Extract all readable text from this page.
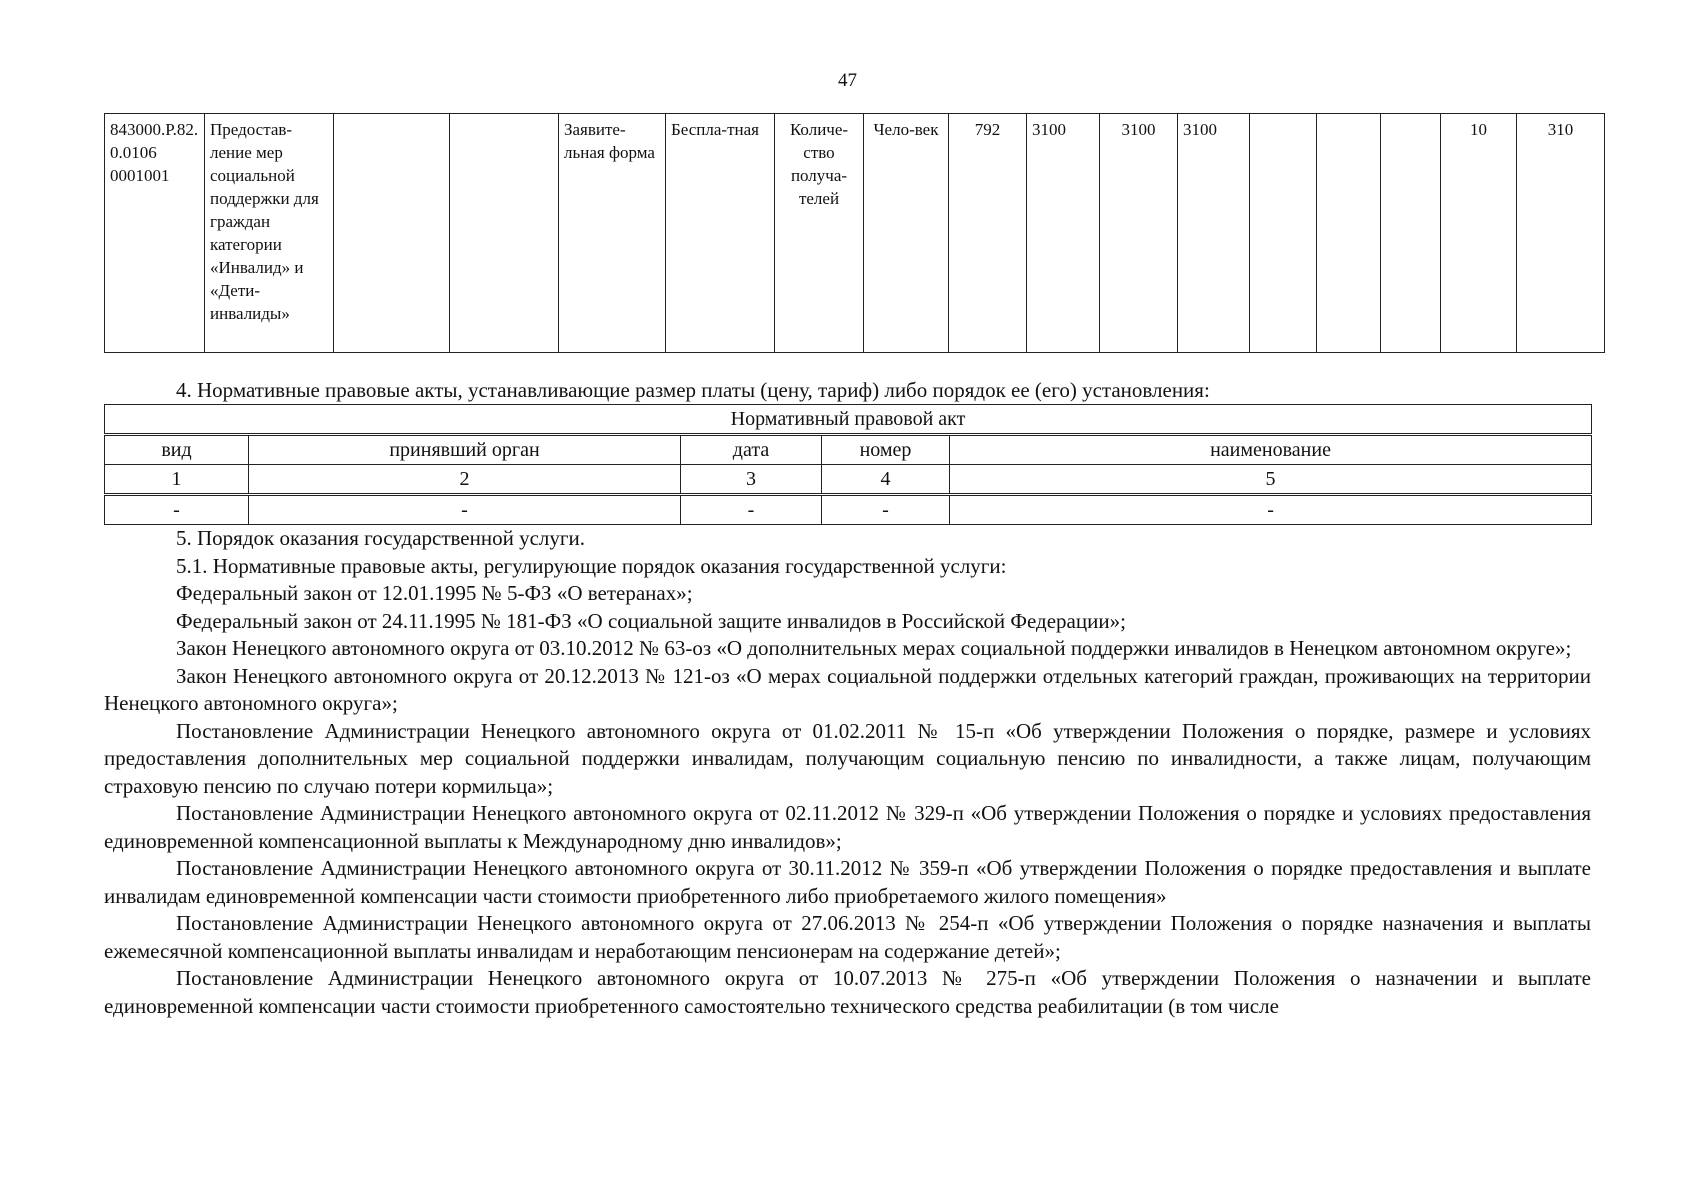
47
843000.Р.82.0.0106 0001001	Предостав-ление мер социальной поддержки для граждан категории «Инвалид» и «Дети-инвалиды»			Заявите-льная форма	Беспла-тная	Количе-ство получа-телей	Чело-век	792	3100	3100	3100				10	310
4. Нормативные правовые акты, устанавливающие размер платы (цену, тариф) либо порядок ее (его) установления:
Нормативный правовой акт				
вид	принявший орган	дата	номер	наименование
1	2	3	4	5
-	-	-	-	-

5. Порядок оказания государственной услуги.

5.1. Нормативные правовые акты, регулирующие порядок оказания государственной услуги:

Федеральный закон от 12.01.1995 № 5-ФЗ «О ветеранах»;

Федеральный закон от 24.11.1995 № 181-ФЗ «О социальной защите инвалидов в Российской Федерации»;

Закон Ненецкого автономного округа от 03.10.2012 № 63-оз «О дополнительных мерах социальной поддержки инвалидов в Ненецком автономном округе»;

Закон Ненецкого автономного округа от 20.12.2013 № 121-оз «О мерах социальной поддержки отдельных категорий граждан, проживающих на территории Ненецкого автономного округа»;

Постановление Администрации Ненецкого автономного округа от 01.02.2011 № 15-п «Об утверждении Положения о порядке, размере и условиях предоставления дополнительных мер социальной поддержки инвалидам, получающим социальную пенсию по инвалидности, а также лицам, получающим страховую пенсию по случаю потери кормильца»;

Постановление Администрации Ненецкого автономного округа от 02.11.2012 № 329-п «Об утверждении Положения о порядке и условиях предоставления единовременной компенсационной выплаты к Международному дню инвалидов»;

Постановление Администрации Ненецкого автономного округа от 30.11.2012 № 359-п «Об утверждении Положения о порядке предоставления и выплате инвалидам единовременной компенсации части стоимости приобретенного либо приобретаемого жилого помещения»

Постановление Администрации Ненецкого автономного округа от 27.06.2013 № 254-п «Об утверждении Положения о порядке назначения и выплаты ежемесячной компенсационной выплаты инвалидам и неработающим пенсионерам на содержание детей»;

Постановление Администрации Ненецкого автономного округа от 10.07.2013 № 275-п «Об утверждении Положения о назначении и выплате единовременной компенсации части стоимости приобретенного самостоятельно технического средства реабилитации (в том числе
